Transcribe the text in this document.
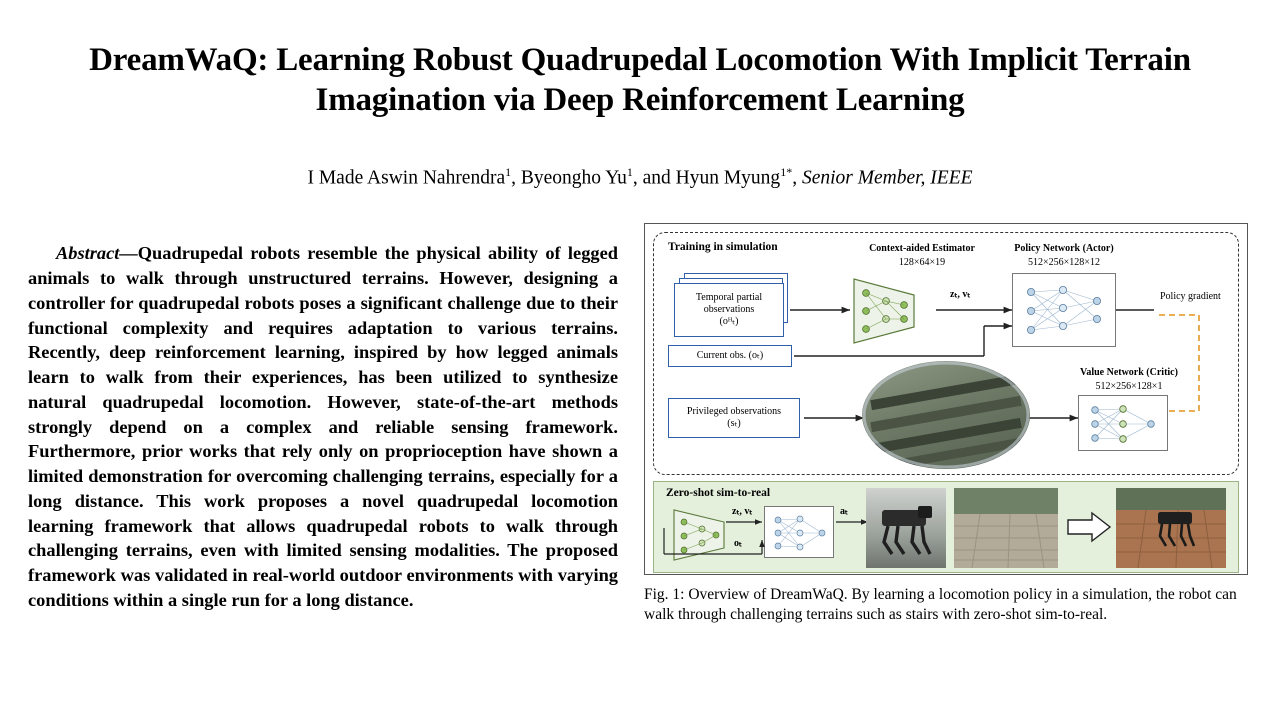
DreamWaQ: Learning Robust Quadrupedal Locomotion With Implicit Terrain Imagination via Deep Reinforcement Learning
I Made Aswin Nahrendra$^1$, Byeongho Yu$^1$, and Hyun Myung$^{1*}$, Senior Member, IEEE

Abstract—Quadrupedal robots resemble the physical ability of legged animals to walk through unstructured terrains. However, designing a controller for quadrupedal robots poses a significant challenge due to their functional complexity and requires adaptation to various terrains. Recently, deep reinforcement learning, inspired by how legged animals learn to walk from their experiences, has been utilized to synthesize natural quadrupedal locomotion. However, state-of-the-art methods strongly depend on a complex and reliable sensing framework. Furthermore, prior works that rely only on proprioception have shown a limited demonstration for overcoming challenging terrains, especially for a long distance. This work proposes a novel quadrupedal locomotion learning framework that allows quadrupedal robots to walk through challenging terrains, even with limited sensing modalities. The proposed framework was validated in real-world outdoor environments with varying conditions within a single run for a long distance.

Training in simulation	Context-aided Estimator
128×64×19
Policy Network (Actor)
512×256×128×12
Temporal partial
observations
(oᴴₜ)
Current obs. (oₜ)
Privileged observations
(sₜ)
zₜ, vₜ	Policy gradient
Value Network (Critic)
512×256×128×1
Zero-shot sim-to-real
zₜ, vₜ
oₜ
aₜ
Fig. 1: Overview of DreamWaQ. By learning a locomotion policy in a simulation, the robot can walk through challenging terrains such as stairs with zero-shot sim-to-real.
